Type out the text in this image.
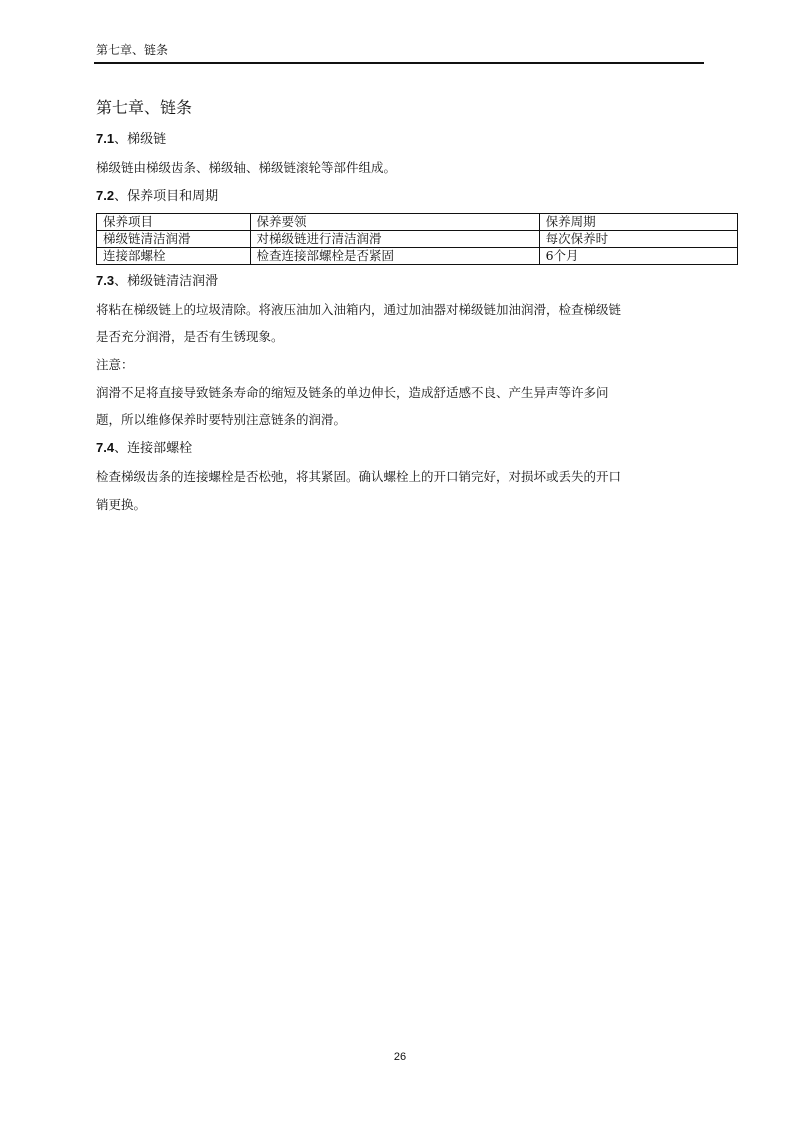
第七章、链条
第七章、链条
7.1、梯级链
梯级链由梯级齿条、梯级轴、梯级链滚轮等部件组成。
7.2、保养项目和周期
保养项目	保养要领	保养周期
梯级链清洁润滑	对梯级链进行清洁润滑	每次保养时
连接部螺栓	检查连接部螺栓是否紧固	6个月
7.3、梯级链清洁润滑
将粘在梯级链上的垃圾清除。将液压油加入油箱内，通过加油器对梯级链加油润滑，检查梯级链
是否充分润滑，是否有生锈现象。
注意：
润滑不足将直接导致链条寿命的缩短及链条的单边伸长，造成舒适感不良、产生异声等许多问
题，所以维修保养时要特别注意链条的润滑。
7.4、连接部螺栓
检查梯级齿条的连接螺栓是否松弛，将其紧固。确认螺栓上的开口销完好，对损坏或丢失的开口
销更换。
26
